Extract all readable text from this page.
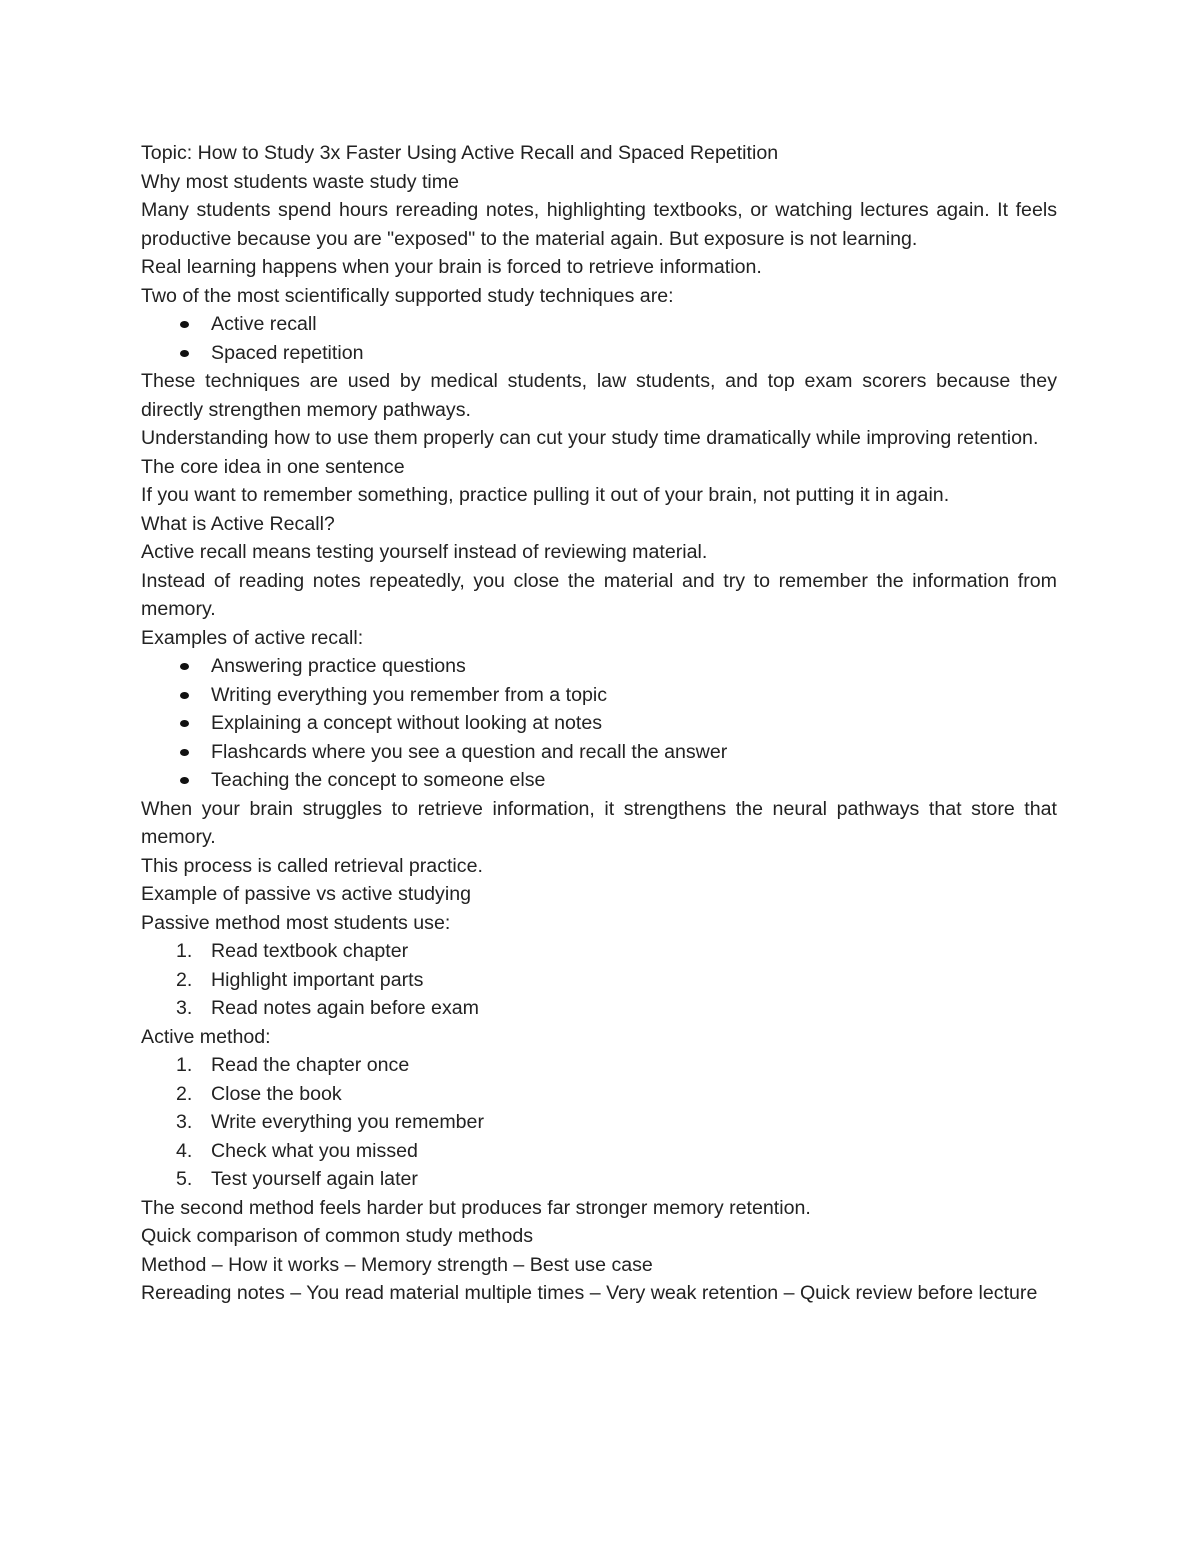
Topic: How to Study 3x Faster Using Active Recall and Spaced Repetition

Why most students waste study time

Many students spend hours rereading notes, highlighting textbooks, or watching lectures again. It feels productive because you are "exposed" to the material again. But exposure is not learning.

Real learning happens when your brain is forced to retrieve information.

Two of the most scientifically supported study techniques are:

Active recall
Spaced repetition

These techniques are used by medical students, law students, and top exam scorers because they directly strengthen memory pathways.

Understanding how to use them properly can cut your study time dramatically while improving retention.

The core idea in one sentence

If you want to remember something, practice pulling it out of your brain, not putting it in again.

What is Active Recall?

Active recall means testing yourself instead of reviewing material.

Instead of reading notes repeatedly, you close the material and try to remember the information from memory.

Examples of active recall:

Answering practice questions
Writing everything you remember from a topic
Explaining a concept without looking at notes
Flashcards where you see a question and recall the answer
Teaching the concept to someone else

When your brain struggles to retrieve information, it strengthens the neural pathways that store that memory.

This process is called retrieval practice.

Example of passive vs active studying

Passive method most students use:

1. Read textbook chapter
2. Highlight important parts
3. Read notes again before exam

Active method:

1. Read the chapter once
2. Close the book
3. Write everything you remember
4. Check what you missed
5. Test yourself again later

The second method feels harder but produces far stronger memory retention.

Quick comparison of common study methods

Method – How it works – Memory strength – Best use case

Rereading notes – You read material multiple times – Very weak retention – Quick review before lecture
